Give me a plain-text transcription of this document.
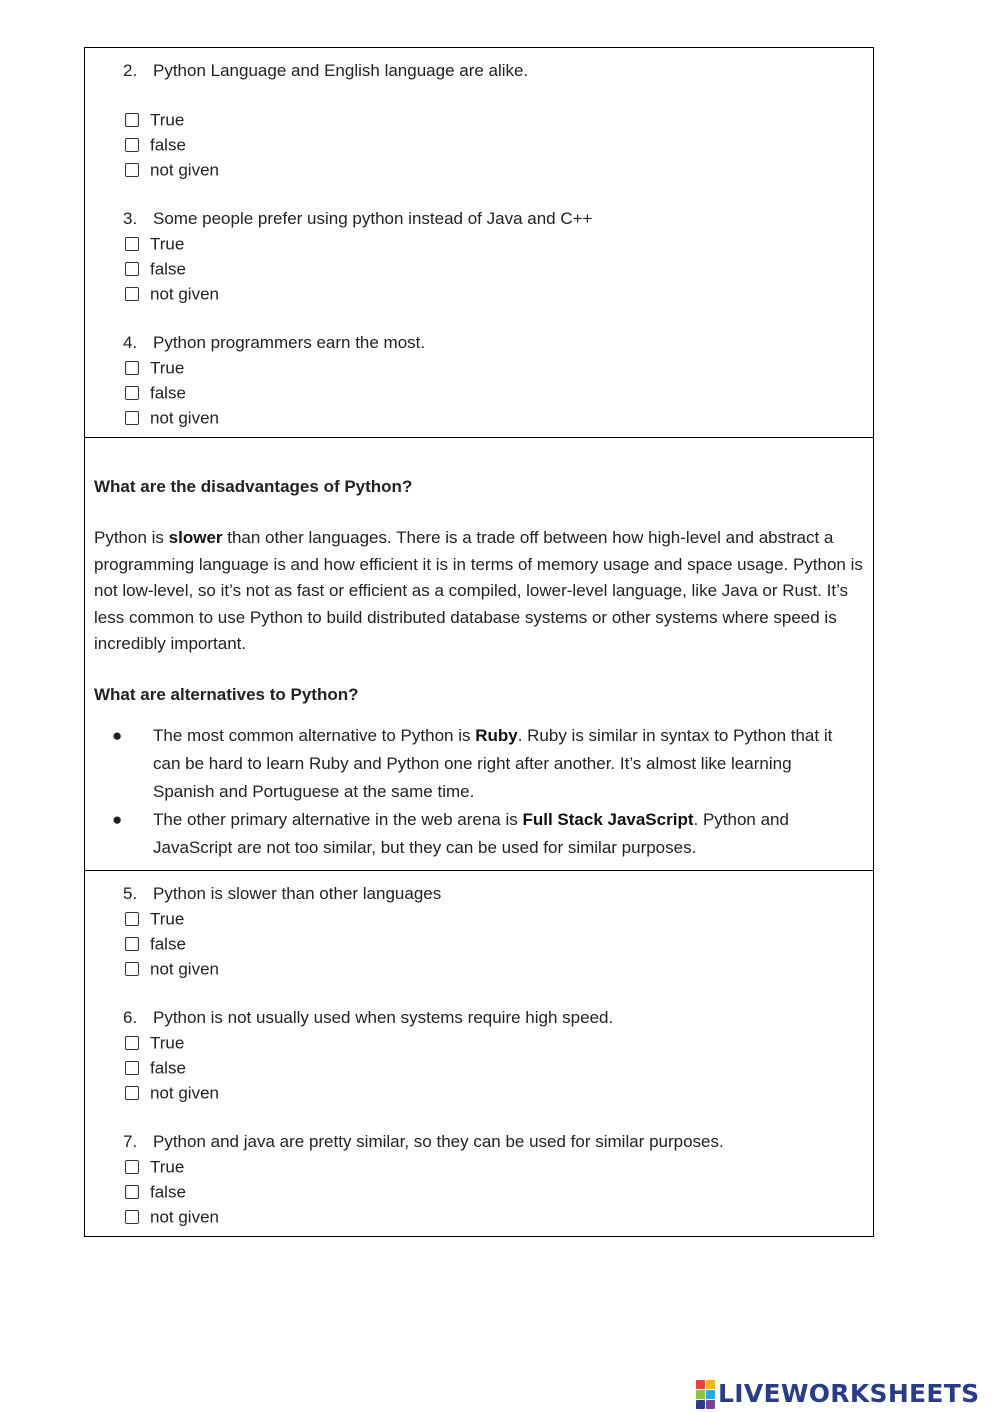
2. Python Language and English language are alike.
True
false
not given
3. Some people prefer using python instead of Java and C++
True
false
not given
4. Python programmers earn the most.
True
false
not given
What are the disadvantages of Python?
Python is slower than other languages. There is a trade off between how high-level and abstract a programming language is and how efficient it is in terms of memory usage and space usage. Python is not low-level, so it’s not as fast or efficient as a compiled, lower-level language, like Java or Rust. It’s less common to use Python to build distributed database systems or other systems where speed is incredibly important.
What are alternatives to Python?
● The most common alternative to Python is Ruby. Ruby is similar in syntax to Python that it can be hard to learn Ruby and Python one right after another. It’s almost like learning Spanish and Portuguese at the same time.
● The other primary alternative in the web arena is Full Stack JavaScript. Python and JavaScript are not too similar, but they can be used for similar purposes.
5. Python is slower than other languages
True
false
not given
6. Python is not usually used when systems require high speed.
True
false
not given
7. Python and java are pretty similar, so they can be used for similar purposes.
True
false
not given
LIVEWORKSHEETS
